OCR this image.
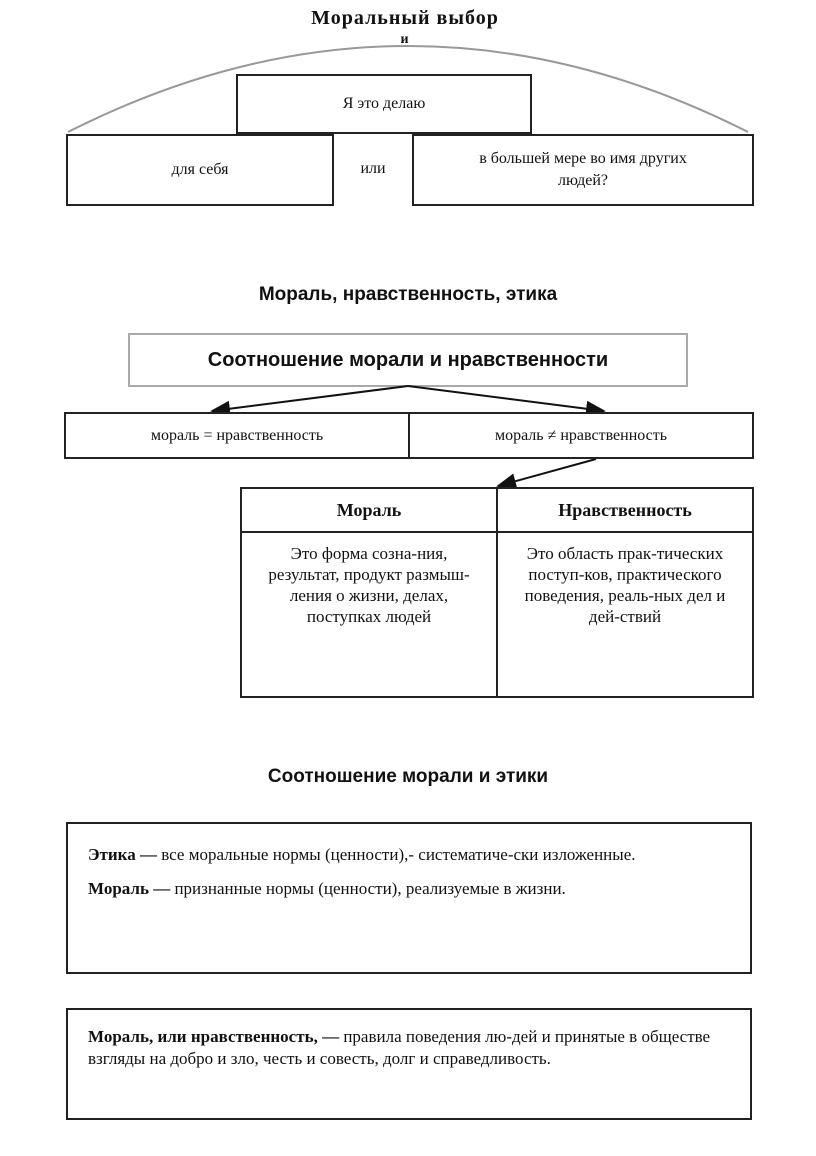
Моральный выбор
и
Я это делаю
для себя	или
в большей мере во имя других людей?
Мораль, нравственность, этика
Соотношение морали и нравственности
мораль = нравственность	мораль ≠ нравственность
Мораль	Нравственность
Это форма созна-ния, результат, продукт размыш-ления о жизни, делах, поступках людей	Это область прак-тических поступ-ков, практического поведения, реаль-ных дел и дей-ствий
Соотношение морали и этики

Этика — все моральные нормы (ценности),- систематиче-ски изложенные.

Мораль — признанные нормы (ценности), реализуемые в жизни.

Мораль, или нравственность, — правила поведения лю-дей и принятые в обществе взгляды на добро и зло, честь и совесть, долг и справедливость.
